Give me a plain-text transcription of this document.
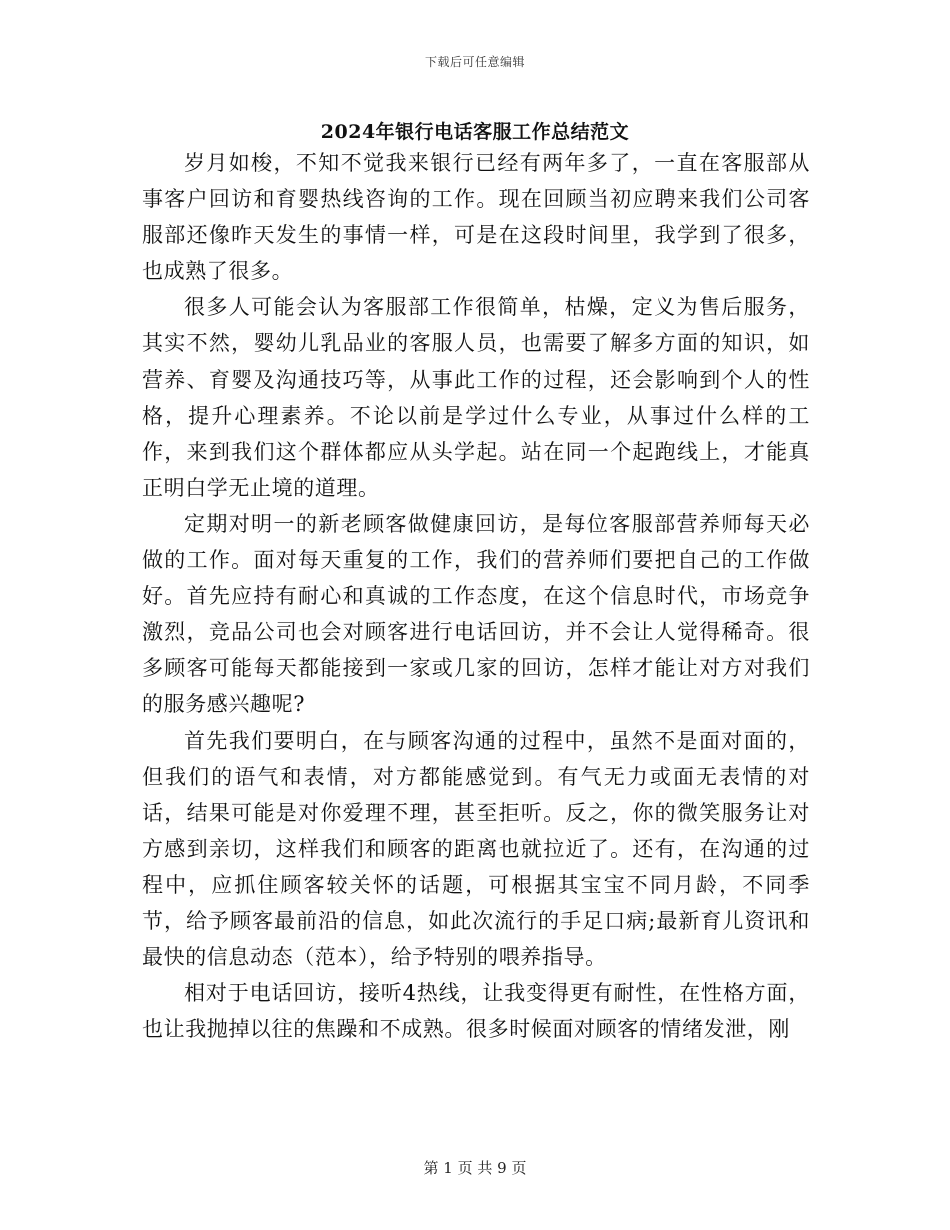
下载后可任意编辑
2024年银行电话客服工作总结范文

岁月如梭，不知不觉我来银行已经有两年多了，一直在客服部从事客户回访和育婴热线咨询的工作。现在回顾当初应聘来我们公司客服部还像昨天发生的事情一样，可是在这段时间里，我学到了很多，也成熟了很多。

很多人可能会认为客服部工作很简单，枯燥，定义为售后服务，其实不然，婴幼儿乳品业的客服人员，也需要了解多方面的知识，如营养、育婴及沟通技巧等，从事此工作的过程，还会影响到个人的性格，提升心理素养。不论以前是学过什么专业，从事过什么样的工作，来到我们这个群体都应从头学起。站在同一个起跑线上，才能真正明白学无止境的道理。

定期对明一的新老顾客做健康回访，是每位客服部营养师每天必做的工作。面对每天重复的工作，我们的营养师们要把自己的工作做好。首先应持有耐心和真诚的工作态度，在这个信息时代，市场竞争激烈，竞品公司也会对顾客进行电话回访，并不会让人觉得稀奇。很多顾客可能每天都能接到一家或几家的回访，怎样才能让对方对我们的服务感兴趣呢?

首先我们要明白，在与顾客沟通的过程中，虽然不是面对面的，但我们的语气和表情，对方都能感觉到。有气无力或面无表情的对话，结果可能是对你爱理不理，甚至拒听。反之，你的微笑服务让对方感到亲切，这样我们和顾客的距离也就拉近了。还有，在沟通的过程中，应抓住顾客较关怀的话题，可根据其宝宝不同月龄，不同季节，给予顾客最前沿的信息，如此次流行的手足口病;最新育儿资讯和最快的信息动态（范本），给予特别的喂养指导。

相对于电话回访，接听4热线，让我变得更有耐性，在性格方面，也让我抛掉以往的焦躁和不成熟。很多时候面对顾客的情绪发泄，刚

第 1 页 共 9 页
